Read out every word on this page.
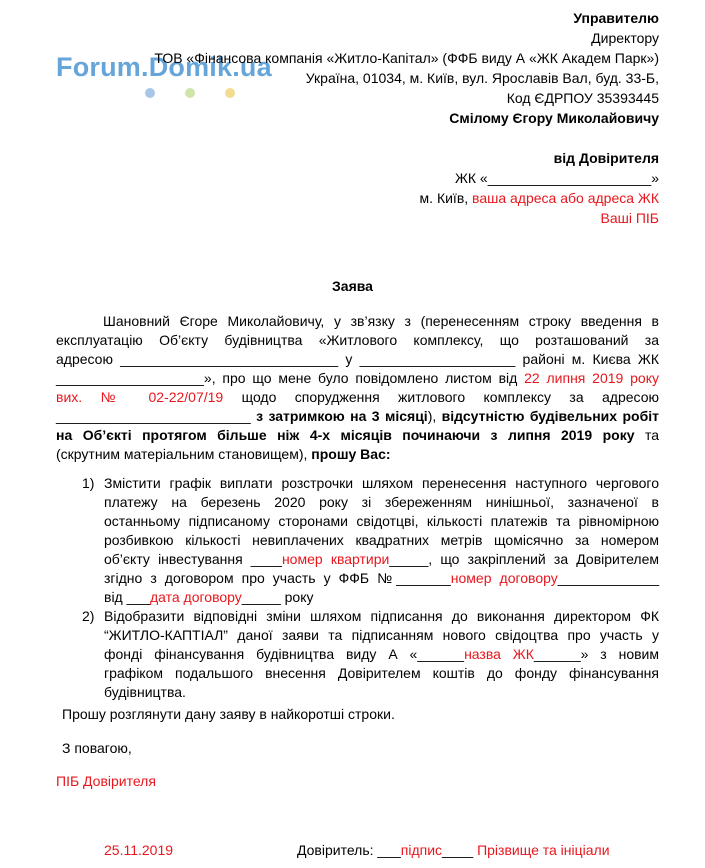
Forum.Domik.ua
Управителю
Директору
ТОВ «Фінансова компанія «Житло-Капітал» (ФФБ виду А «ЖК Академ Парк»)
Україна, 01034, м. Київ, вул. Ярославів Вал, буд. 33-Б,
Код ЄДРПОУ 35393445
Смілому Єгору Миколайовичу
від Довірителя
ЖК «_____________________»
м. Київ, ваша адреса або адреса ЖК
Ваші ПІБ
Заява
Шановний Єгоре Миколайовичу, у зв’язку з (перенесенням строку введення в
експлуатацію Об’єкту будівництва «Житлового комплексу, що розташований за
адресою ____________________________ у ____________________ районі м. Києва ЖК
___________________», про що мене було повідомлено листом від 22 липня 2019 року
вих. № 02-22/07/19 щодо спорудження житлового комплексу за адресою
_________________________ з затримкою на 3 місяці), відсутністю будівельних робіт
на Об’єкті протягом більше ніж 4-х місяців починаючи з липня 2019 року та
(скрутним матеріальним становищем), прошу Вас:
1) Змістити графік виплати розстрочки шляхом перенесення наступного чергового
платежу на березень 2020 року зі збереженням нинішньої, зазначеної в
останньому підписаному сторонами свідотцві, кількості платежів та рівномірною
розбивкою кількості невиплачених квадратних метрів щомісячно за номером
об’єкту інвестування ____номер квартири_____, що закріплений за Довірителем
згідно з договором про участь у ФФБ №_______номер договору_____________
від ___дата договору_____ року
2) Відобразити відповідні зміни шляхом підписання до виконання директором ФК
“ЖИТЛО-КАПТІАЛ” даної заяви та підписанням нового свідоцтва про участь у
фонді фінансування будівництва виду А «______назва ЖК______» з новим
графіком подальшого внесення Довірителем коштів до фонду фінансування
будівництва.
Прошу розглянути дану заяву в найкоротші строки.
З повагою,
ПІБ Довірителя
25.11.2019	Довіритель: ___підпис____ Прізвище та ініціали
